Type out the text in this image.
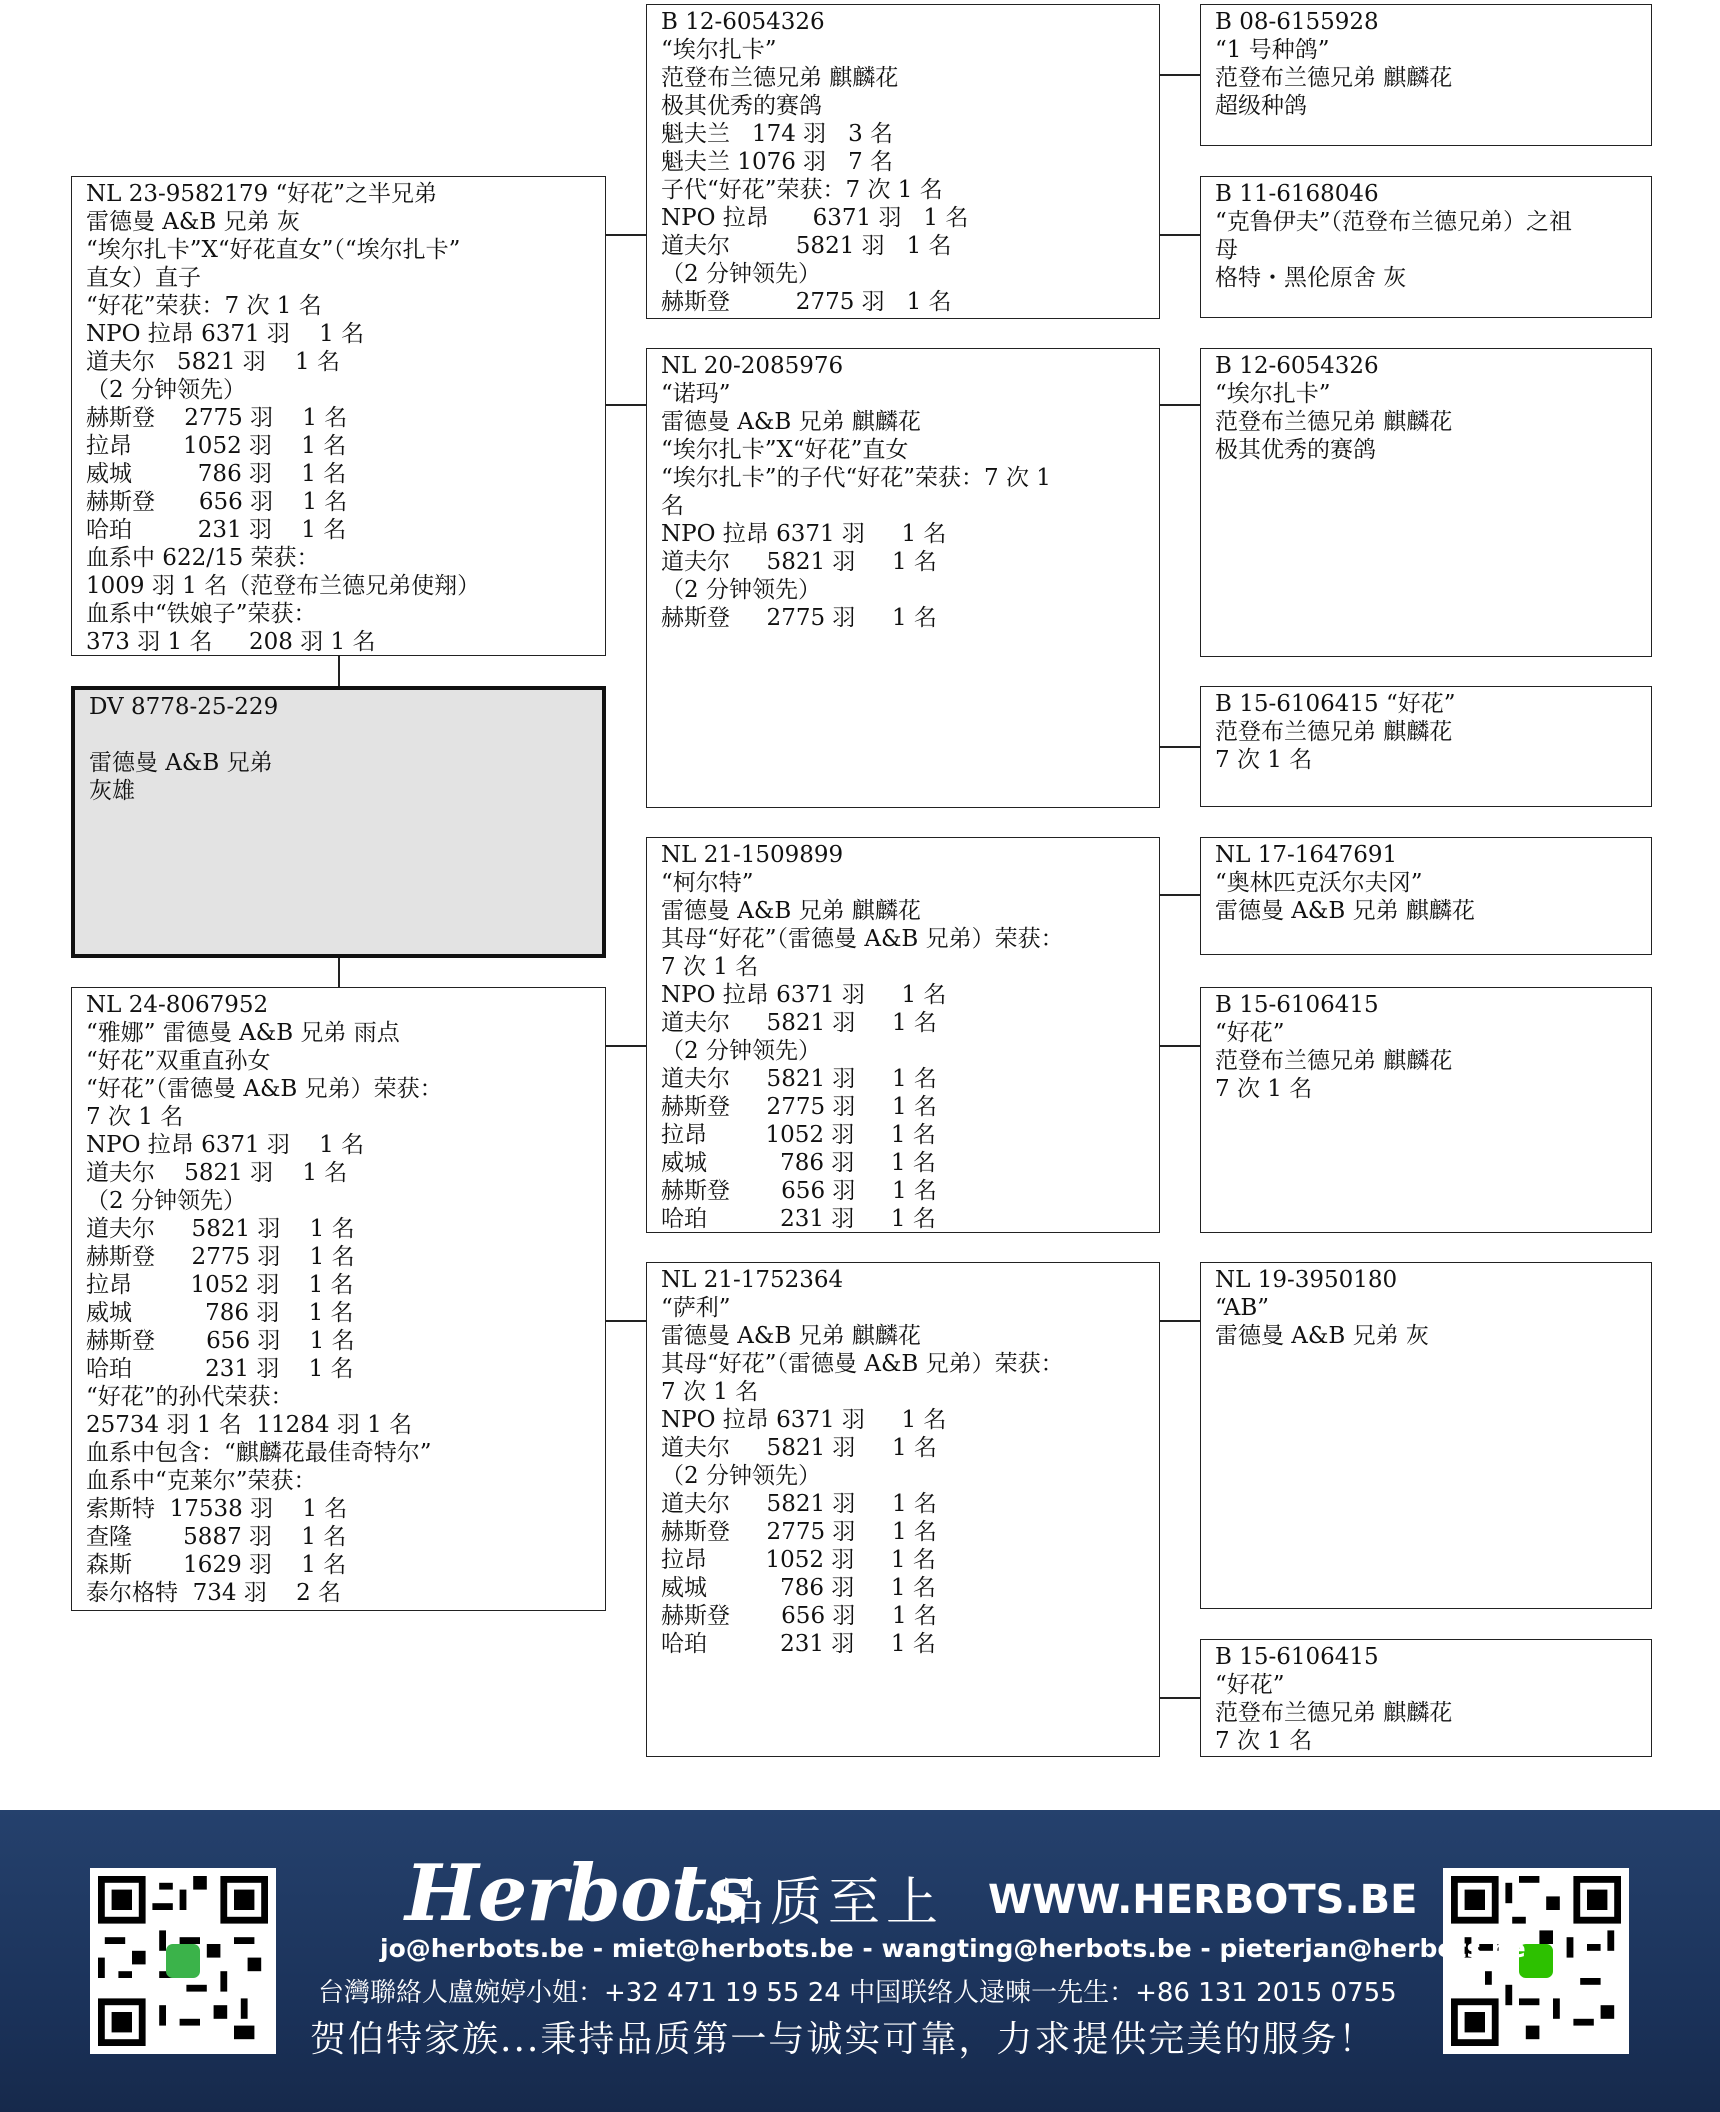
NL 23-9582179 “好花”之半兄弟
雷德曼 A&B 兄弟 灰
“埃尔扎卡”X“好花直女”（“埃尔扎卡”
直女）直子
“好花”荣获：7 次 1 名
NPO 拉昂 6371 羽    1 名
道夫尔   5821 羽    1 名
（2 分钟领先）
赫斯登    2775 羽    1 名
拉昂       1052 羽    1 名
威城         786 羽    1 名
赫斯登      656 羽    1 名
哈珀         231 羽    1 名
血系中 622/15 荣获：
1009 羽 1 名（范登布兰德兄弟使翔）
血系中“铁娘子”荣获：
373 羽 1 名     208 羽 1 名
DV 8778-25-229

雷德曼 A&B 兄弟
灰雄
NL 24-8067952
“雅娜” 雷德曼 A&B 兄弟 雨点
“好花”双重直孙女
“好花”（雷德曼 A&B 兄弟）荣获：
7 次 1 名
NPO 拉昂 6371 羽    1 名
道夫尔    5821 羽    1 名
（2 分钟领先）
道夫尔     5821 羽    1 名
赫斯登     2775 羽    1 名
拉昂        1052 羽    1 名
威城          786 羽    1 名
赫斯登       656 羽    1 名
哈珀          231 羽    1 名
“好花”的孙代荣获：
25734 羽 1 名  11284 羽 1 名
血系中包含：“麒麟花最佳奇特尔”
血系中“克莱尔”荣获：
索斯特  17538 羽    1 名
查隆       5887 羽    1 名
森斯       1629 羽    1 名
泰尔格特  734 羽    2 名
B 12-6054326
“埃尔扎卡”
范登布兰德兄弟 麒麟花
极其优秀的赛鸽
魁夫兰   174 羽   3 名
魁夫兰 1076 羽   7 名
子代“好花”荣获：7 次 1 名
NPO 拉昂      6371 羽   1 名
道夫尔         5821 羽   1 名
（2 分钟领先）
赫斯登         2775 羽   1 名
NL 20-2085976
“诺玛”
雷德曼 A&B 兄弟 麒麟花
“埃尔扎卡”X“好花”直女
“埃尔扎卡”的子代“好花”荣获：7 次 1
名
NPO 拉昂 6371 羽     1 名
道夫尔     5821 羽     1 名
（2 分钟领先）
赫斯登     2775 羽     1 名
NL 21-1509899
“柯尔特”
雷德曼 A&B 兄弟 麒麟花
其母“好花”（雷德曼 A&B 兄弟）荣获：
7 次 1 名
NPO 拉昂 6371 羽     1 名
道夫尔     5821 羽     1 名
（2 分钟领先）
道夫尔     5821 羽     1 名
赫斯登     2775 羽     1 名
拉昂        1052 羽     1 名
威城          786 羽     1 名
赫斯登       656 羽     1 名
哈珀          231 羽     1 名
NL 21-1752364
“萨利”
雷德曼 A&B 兄弟 麒麟花
其母“好花”（雷德曼 A&B 兄弟）荣获：
7 次 1 名
NPO 拉昂 6371 羽     1 名
道夫尔     5821 羽     1 名
（2 分钟领先）
道夫尔     5821 羽     1 名
赫斯登     2775 羽     1 名
拉昂        1052 羽     1 名
威城          786 羽     1 名
赫斯登       656 羽     1 名
哈珀          231 羽     1 名
B 08-6155928
“1 号种鸽”
范登布兰德兄弟 麒麟花
超级种鸽
B 11-6168046
“克鲁伊夫”（范登布兰德兄弟）之祖
母
格特・黑伦原舍 灰
B 12-6054326
“埃尔扎卡”
范登布兰德兄弟 麒麟花
极其优秀的赛鸽
B 15-6106415 “好花”
范登布兰德兄弟 麒麟花
7 次 1 名
NL 17-1647691
“奥林匹克沃尔夫冈”
雷德曼 A&B 兄弟 麒麟花
B 15-6106415
“好花”
范登布兰德兄弟 麒麟花
7 次 1 名
NL 19-3950180
“AB”
雷德曼 A&B 兄弟 灰
B 15-6106415
“好花”
范登布兰德兄弟 麒麟花
7 次 1 名
Herbots
品质至上 WWW.HERBOTS.BE
jo@herbots.be - miet@herbots.be - wangting@herbots.be - pieterjan@herbots.be
台灣聯絡人盧婉婷小姐：+32 471 19 55 24 中国联络人逯暕一先生：+86 131 2015 0755
贺伯特家族...秉持品质第一与诚实可靠，力求提供完美的服务！
